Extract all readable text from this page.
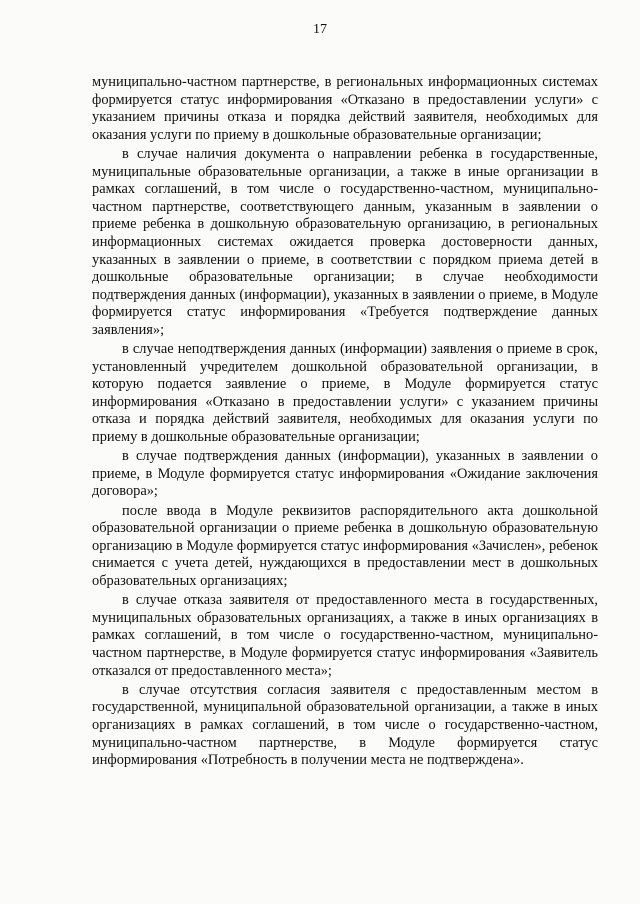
17

муниципально-частном партнерстве, в региональных информационных системах формируется статус информирования «Отказано в предоставлении услуги» с указанием причины отказа и порядка действий заявителя, необходимых для оказания услуги по приему в дошкольные образовательные организации;

в случае наличия документа о направлении ребенка в государственные, муниципальные образовательные организации, а также в иные организации в рамках соглашений, в том числе о государственно-частном, муниципально-частном партнерстве, соответствующего данным, указанным в заявлении о приеме ребенка в дошкольную образовательную организацию, в региональных информационных системах ожидается проверка достоверности данных, указанных в заявлении о приеме, в соответствии с порядком приема детей в дошкольные образовательные организации; в случае необходимости подтверждения данных (информации), указанных в заявлении о приеме, в Модуле формируется статус информирования «Требуется подтверждение данных заявления»;

в случае неподтверждения данных (информации) заявления о приеме в срок, установленный учредителем дошкольной образовательной организации, в которую подается заявление о приеме, в Модуле формируется статус информирования «Отказано в предоставлении услуги» с указанием причины отказа и порядка действий заявителя, необходимых для оказания услуги по приему в дошкольные образовательные организации;

в случае подтверждения данных (информации), указанных в заявлении о приеме, в Модуле формируется статус информирования «Ожидание заключения договора»;

после ввода в Модуле реквизитов распорядительного акта дошкольной образовательной организации о приеме ребенка в дошкольную образовательную организацию в Модуле формируется статус информирования «Зачислен», ребенок снимается с учета детей, нуждающихся в предоставлении мест в дошкольных образовательных организациях;

в случае отказа заявителя от предоставленного места в государственных, муниципальных образовательных организациях, а также в иных организациях в рамках соглашений, в том числе о государственно-частном, муниципально-частном партнерстве, в Модуле формируется статус информирования «Заявитель отказался от предоставленного места»;

в случае отсутствия согласия заявителя с предоставленным местом в государственной, муниципальной образовательной организации, а также в иных организациях в рамках соглашений, в том числе о государственно-частном, муниципально-частном партнерстве, в Модуле формируется статус информирования «Потребность в получении места не подтверждена».
